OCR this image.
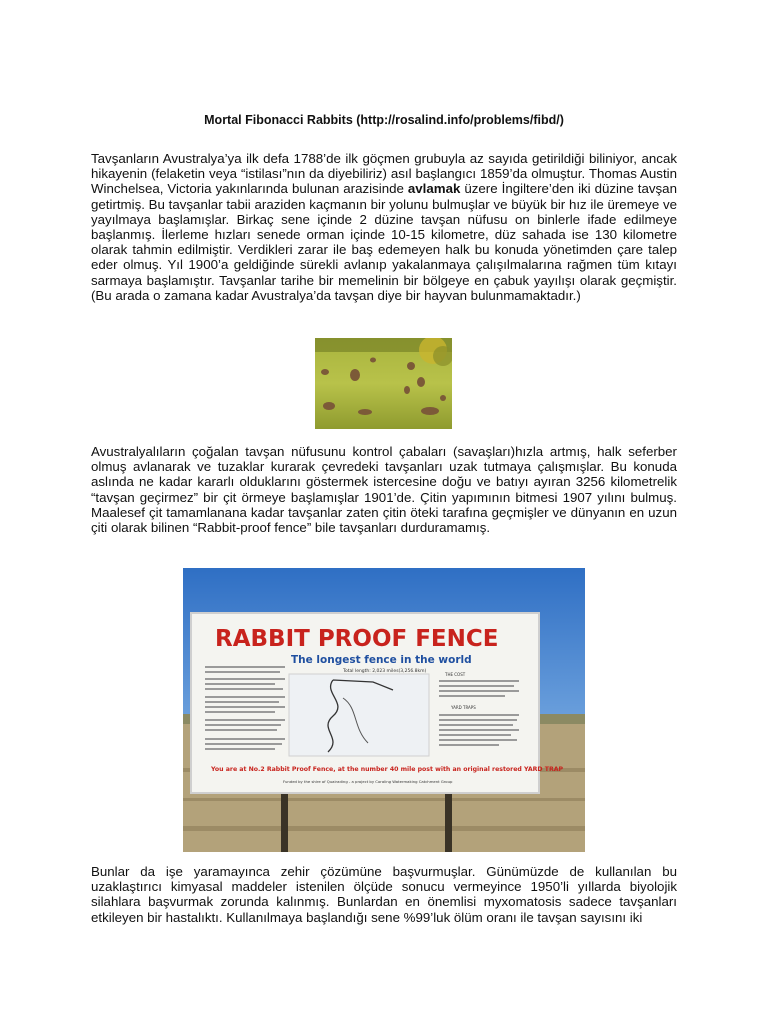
Mortal Fibonacci Rabbits (http://rosalind.info/problems/fibd/)

Tavşanların Avustralya’ya ilk defa 1788’de ilk göçmen grubuyla az sayıda getirildiği biliniyor, ancak hikayenin (felaketin veya “istilası”nın da diyebiliriz) asıl başlangıcı 1859’da olmuştur. Thomas Austin Winchelsea, Victoria yakınlarında bulunan arazisinde avlamak üzere İngiltere’den iki düzine tavşan getirtmiş. Bu tavşanlar tabii araziden kaçmanın bir yolunu bulmuşlar ve büyük bir hız ile üremeye ve yayılmaya başlamışlar. Birkaç sene içinde 2 düzine tavşan nüfusu on binlerle ifade edilmeye başlanmış. İlerleme hızları senede orman içinde 10-15 kilometre, düz sahada ise 130 kilometre olarak tahmin edilmiştir. Verdikleri zarar ile baş edemeyen halk bu konuda yönetimden çare talep eder olmuş. Yıl 1900’a geldiğinde sürekli avlanıp yakalanmaya çalışılmalarına rağmen tüm kıtayı sarmaya başlamıştır. Tavşanlar tarihe bir memelinin bir bölgeye en çabuk yayılışı olarak geçmiştir. (Bu arada o zamana kadar Avustralya’da tavşan diye bir hayvan bulunmamaktadır.)

Avustralyalıların çoğalan tavşan nüfusunu kontrol çabaları (savaşları)hızla artmış, halk seferber olmuş avlanarak ve tuzaklar kurarak çevredeki tavşanları uzak tutmaya çalışmışlar. Bu konuda aslında ne kadar kararlı olduklarını göstermek istercesine doğu ve batıyı ayıran 3256 kilometrelik “tavşan geçirmez” bir çit örmeye başlamışlar 1901’de. Çitin yapımının bitmesi 1907 yılını bulmuş. Maalesef çit tamamlanana kadar tavşanlar zaten çitin öteki tarafına geçmişler ve dünyanın en uzun çiti olarak bilinen “Rabbit-proof fence” bile tavşanları durduramamış.

RABBIT PROOF FENCE
The longest fence in the world
Total length: 2,023 miles(3,256.8km)
THE COST
YARD TRAPS
You are at No.2 Rabbit Proof Fence, at the number 40 mile post with an original restored YARD TRAP
Funded by the shire of Quairading - a project by Coraling Watermaking Catchment Group

Bunlar da işe yaramayınca zehir çözümüne başvurmuşlar. Günümüzde de kullanılan bu uzaklaştırıcı kimyasal maddeler istenilen ölçüde sonucu vermeyince 1950’li yıllarda biyolojik silahlara başvurmak zorunda kalınmış. Bunlardan en önemlisi myxomatosis sadece tavşanları etkileyen bir hastalıktı. Kullanılmaya başlandığı sene %99’luk ölüm oranı ile tavşan sayısını iki
